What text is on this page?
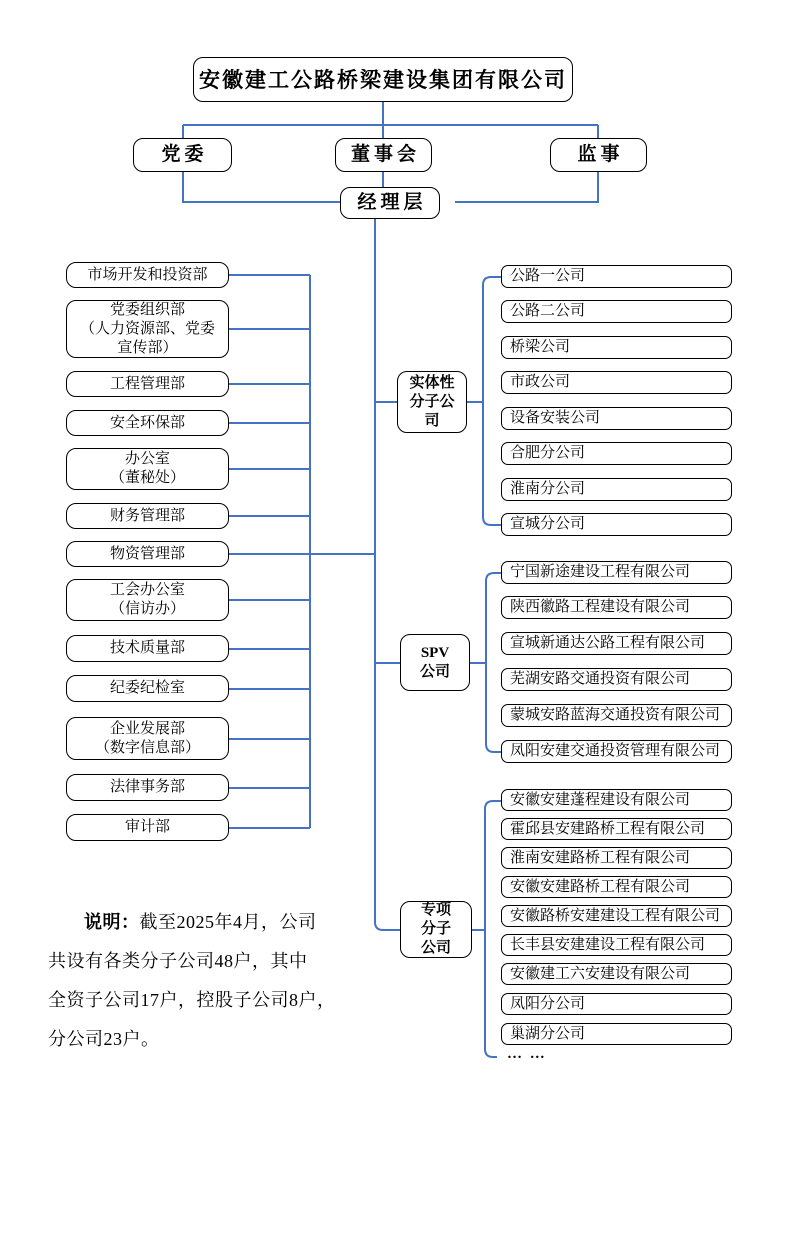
安徽建工公路桥梁建设集团有限公司
党委	董事会	监事
经理层
市场开发和投资部
党委组织部
（人力资源部、党委宣传部）
工程管理部
安全环保部
办公室
（董秘处）
财务管理部
物资管理部
工会办公室
（信访办）
技术质量部
纪委纪检室
企业发展部
（数字信息部）
法律事务部
审计部
实体性
分子公
司
SPV
公司
专项
分子
公司
公路一公司
公路二公司
桥梁公司
市政公司
设备安装公司
合肥分公司
淮南分公司
宣城分公司
宁国新途建设工程有限公司
陕西徽路工程建设有限公司
宣城新通达公路工程有限公司
芜湖安路交通投资有限公司
蒙城安路蓝海交通投资有限公司
凤阳安建交通投资管理有限公司
安徽安建蓬程建设有限公司
霍邱县安建路桥工程有限公司
淮南安建路桥工程有限公司
安徽安建路桥工程有限公司
安徽路桥安建建设工程有限公司
长丰县安建建设工程有限公司
安徽建工六安建设有限公司
凤阳分公司
巢湖分公司
… …
说明：截至2025年4月，公司
共设有各类分子公司48户，其中
全资子公司17户，控股子公司8户，
分公司23户。
